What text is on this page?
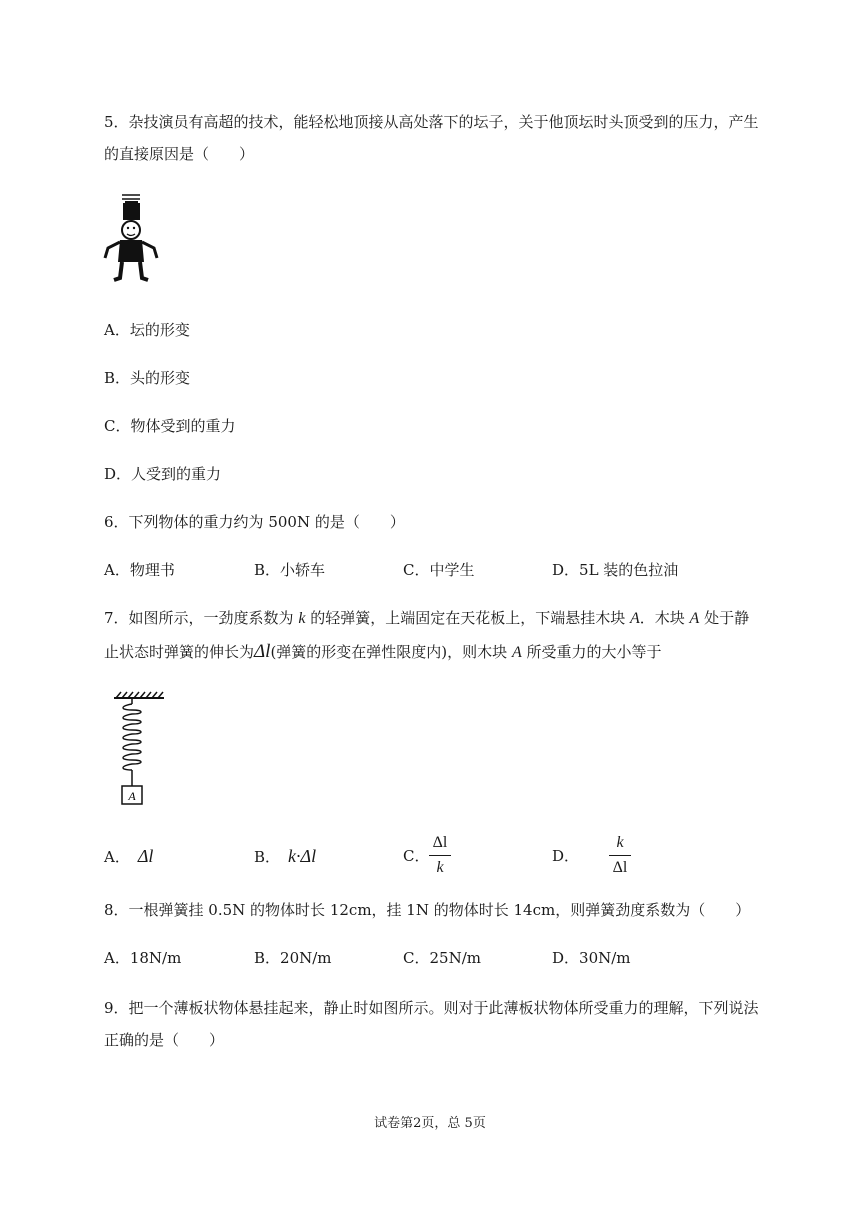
5．杂技演员有高超的技术，能轻松地顶接从高处落下的坛子，关于他顶坛时头顶受到的压力，产生
的直接原因是（　　）
A．坛的形变
B．头的形变
C．物体受到的重力
D．人受到的重力
6．下列物体的重力约为 500N 的是（　　）
A．物理书	B．小轿车	C．中学生	D．5L 装的色拉油
7．如图所示，一劲度系数为 k 的轻弹簧，上端固定在天花板上，下端悬挂木块 A．木块 A 处于静
止状态时弹簧的伸长为Δl(弹簧的形变在弹性限度内)，则木块 A 所受重力的大小等于
A
A． Δl	B． k·Δl	C．
Δl
k
D．
k
Δl
8．一根弹簧挂 0.5N 的物体时长 12cm，挂 1N 的物体时长 14cm，则弹簧劲度系数为（　　）
A．18N/m	B．20N/m	C．25N/m	D．30N/m
9．把一个薄板状物体悬挂起来，静止时如图所示。则对于此薄板状物体所受重力的理解，下列说法
正确的是（　　）
试卷第2页，总 5页
